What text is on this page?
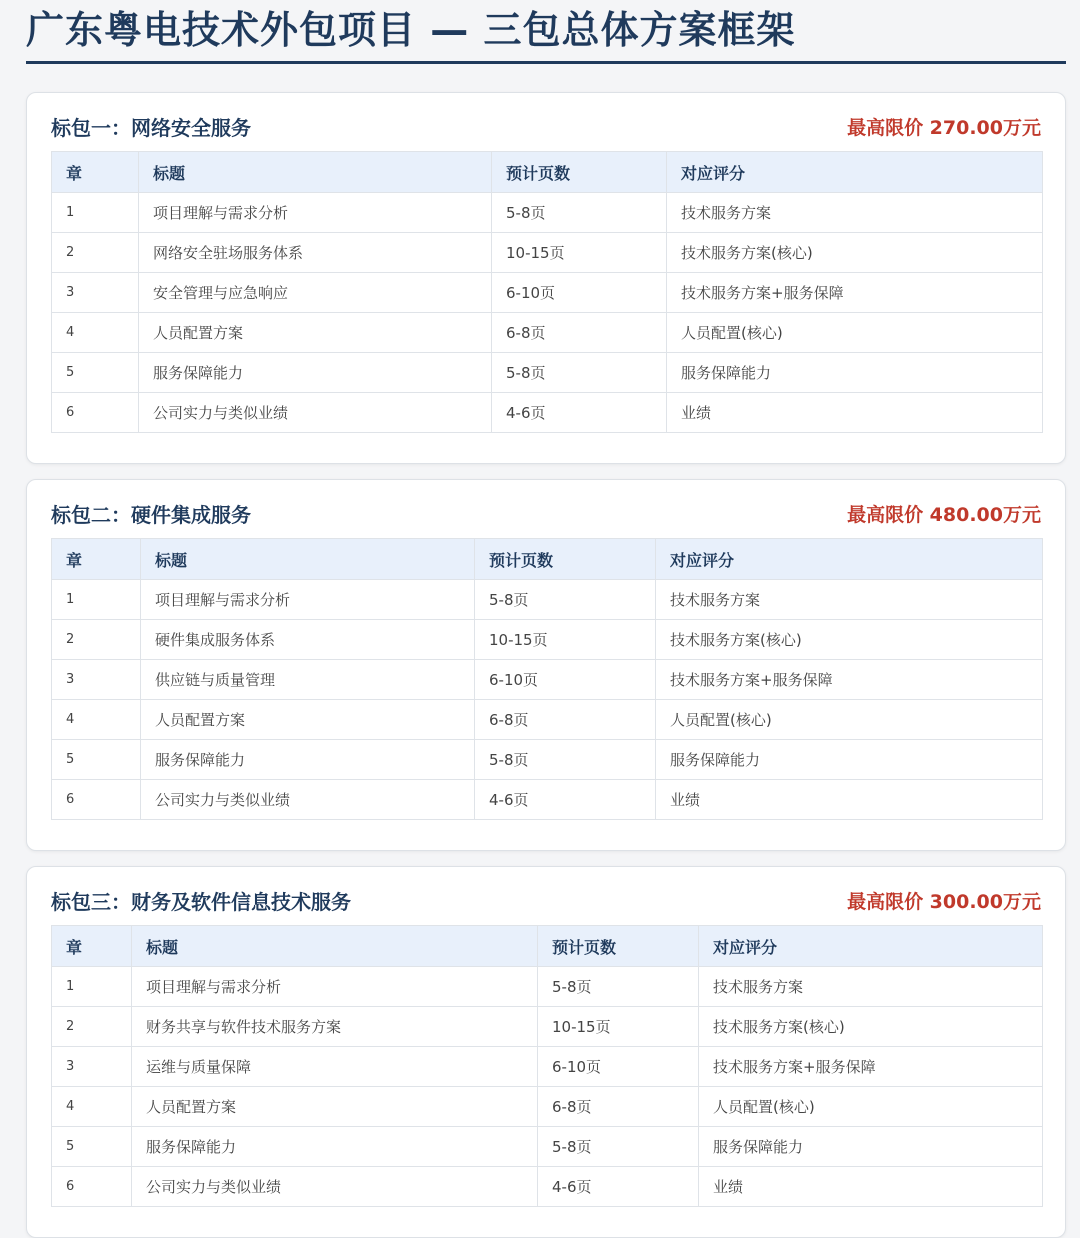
广东粤电技术外包项目 — 三包总体方案框架
标包一：网络安全服务	最高限价 270.00万元
章	标题	预计页数	对应评分
1	项目理解与需求分析	5-8页	技术服务方案
2	网络安全驻场服务体系	10-15页	技术服务方案(核心)
3	安全管理与应急响应	6-10页	技术服务方案+服务保障
4	人员配置方案	6-8页	人员配置(核心)
5	服务保障能力	5-8页	服务保障能力
6	公司实力与类似业绩	4-6页	业绩
标包二：硬件集成服务	最高限价 480.00万元
章	标题	预计页数	对应评分
1	项目理解与需求分析	5-8页	技术服务方案
2	硬件集成服务体系	10-15页	技术服务方案(核心)
3	供应链与质量管理	6-10页	技术服务方案+服务保障
4	人员配置方案	6-8页	人员配置(核心)
5	服务保障能力	5-8页	服务保障能力
6	公司实力与类似业绩	4-6页	业绩
标包三：财务及软件信息技术服务	最高限价 300.00万元
章	标题	预计页数	对应评分
1	项目理解与需求分析	5-8页	技术服务方案
2	财务共享与软件技术服务方案	10-15页	技术服务方案(核心)
3	运维与质量保障	6-10页	技术服务方案+服务保障
4	人员配置方案	6-8页	人员配置(核心)
5	服务保障能力	5-8页	服务保障能力
6	公司实力与类似业绩	4-6页	业绩
